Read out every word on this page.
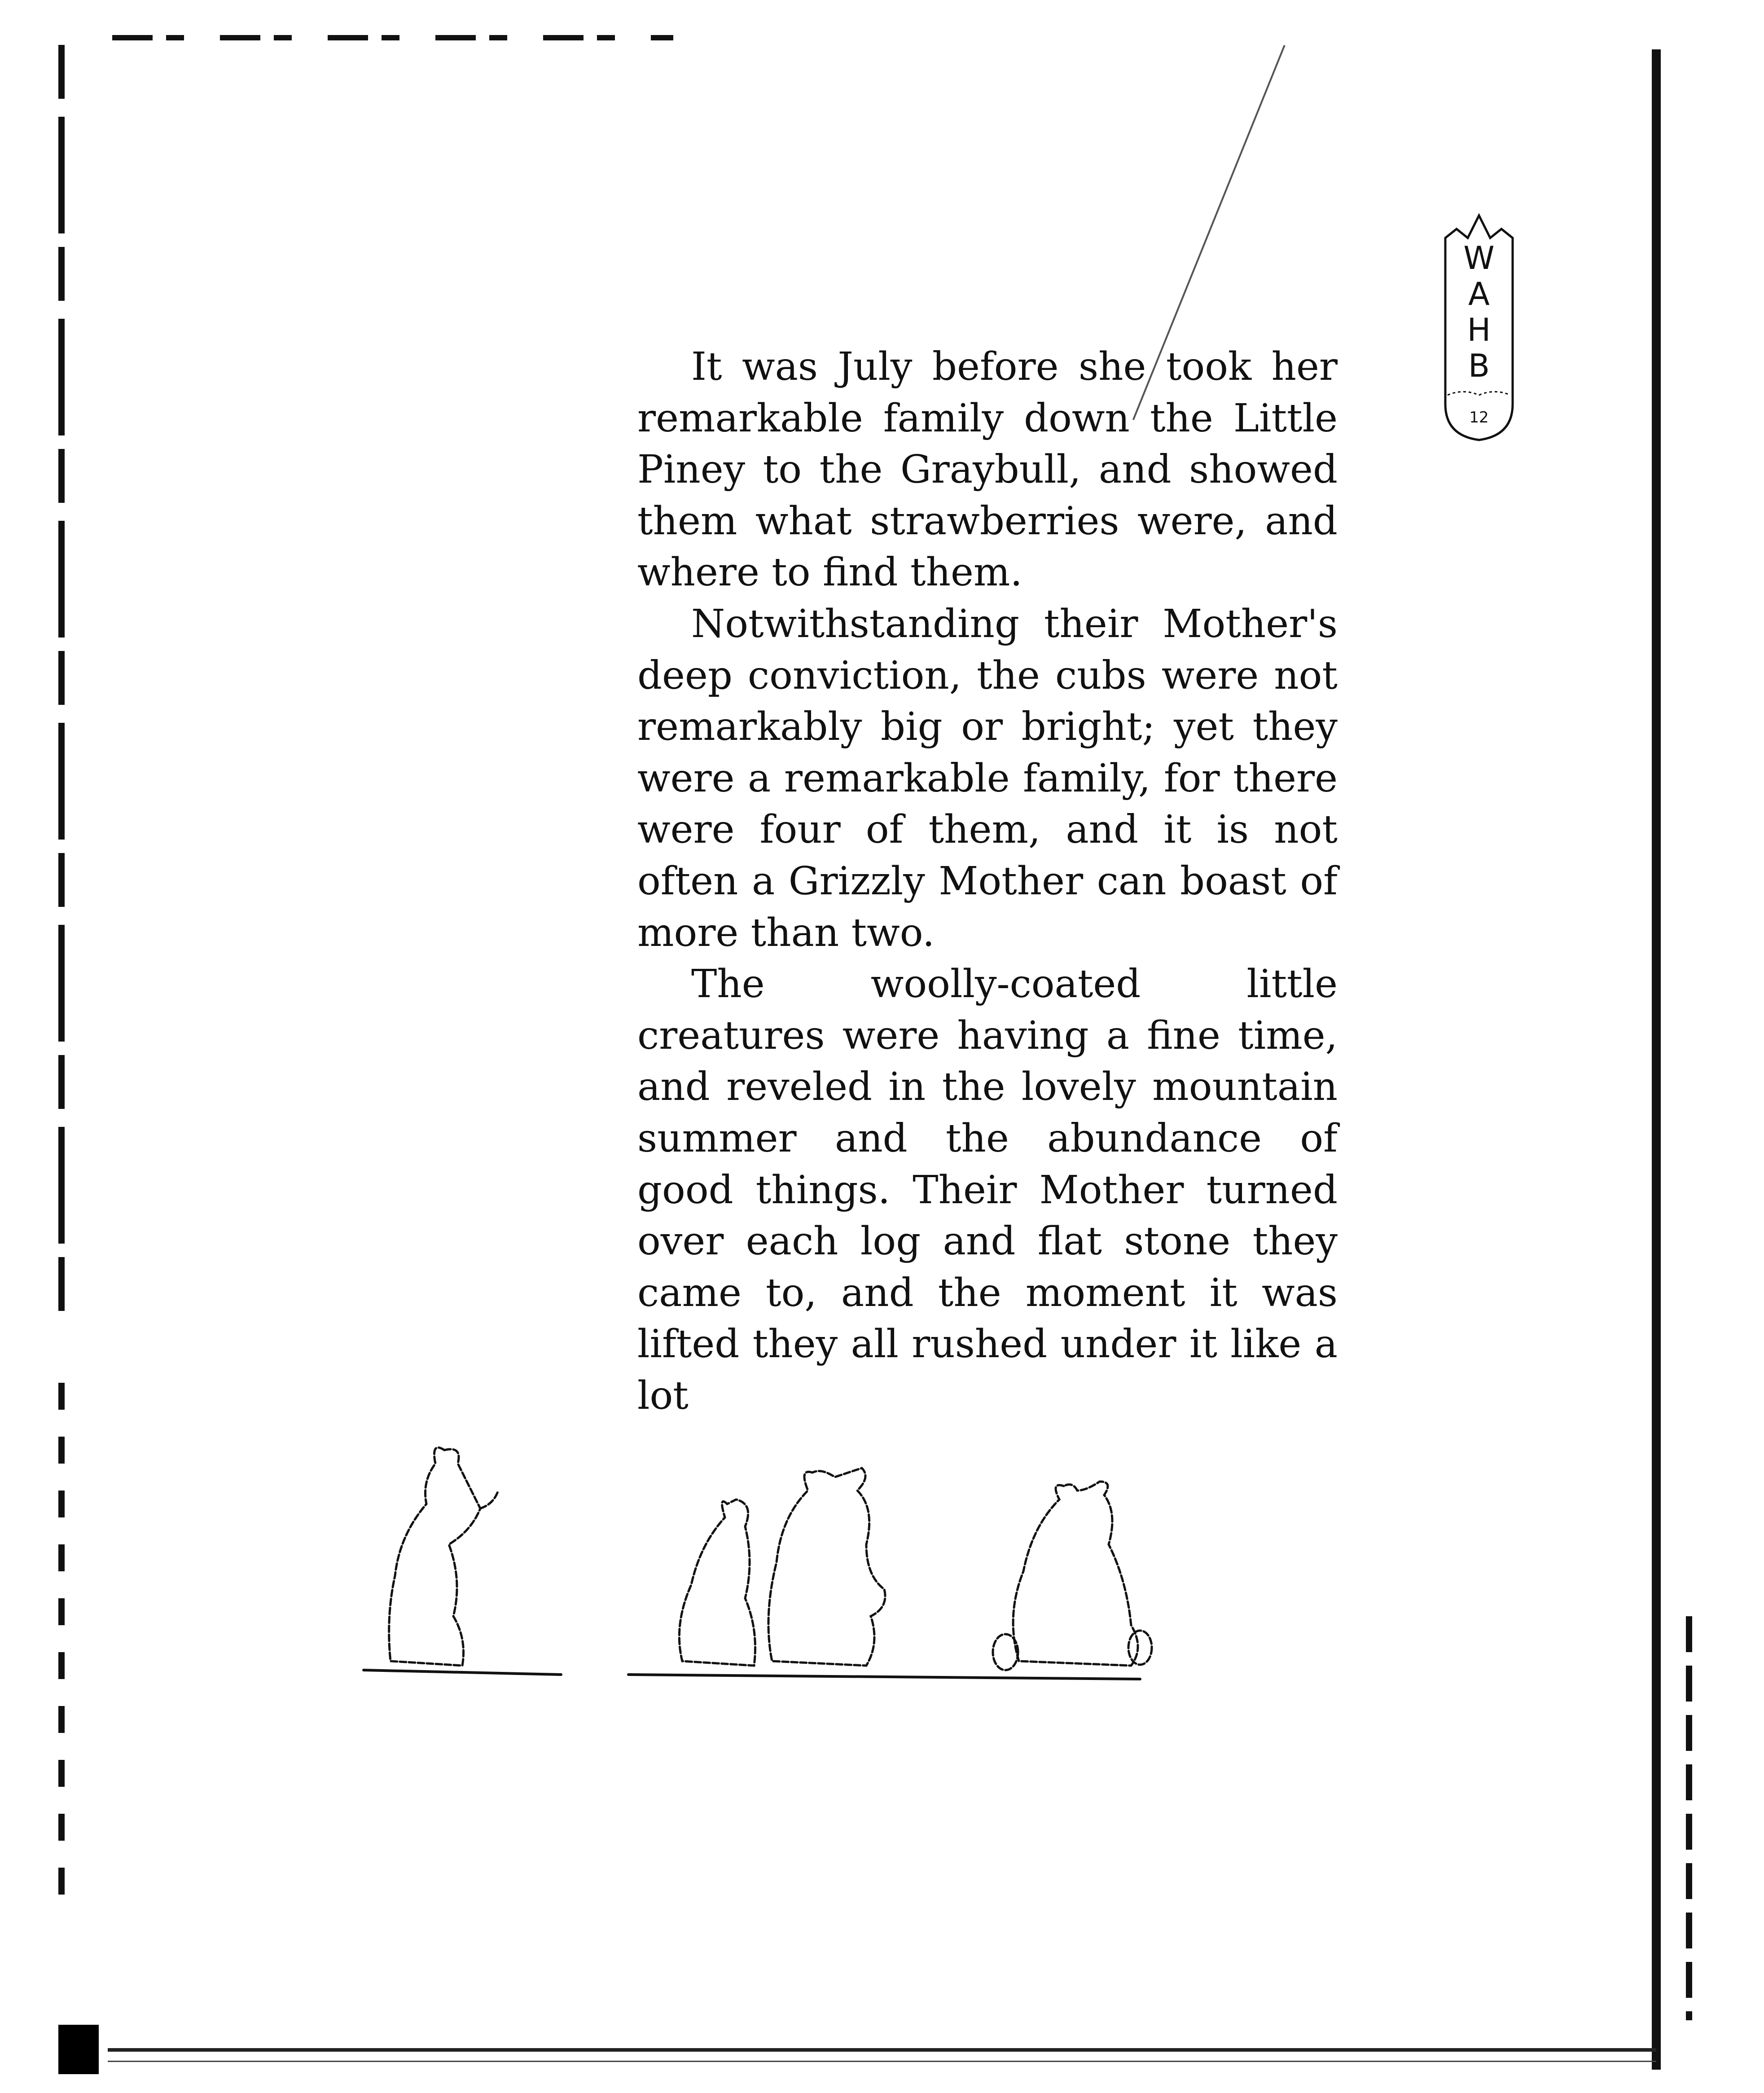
W
A
H
B
12

It was July before she took her remarkable family down the Little Piney to the Graybull, and showed them what strawberries were, and where to find them.

Notwithstanding their Mother's deep conviction, the cubs were not remarkably big or bright; yet they were a remarkable family, for there were four of them, and it is not often a Grizzly Mother can boast of more than two.

The woolly-coated little creatures were having a fine time, and reveled in the lovely mountain summer and the abundance of good things. Their Mother turned over each log and flat stone they came to, and the moment it was lifted they all rushed under it like a lot
